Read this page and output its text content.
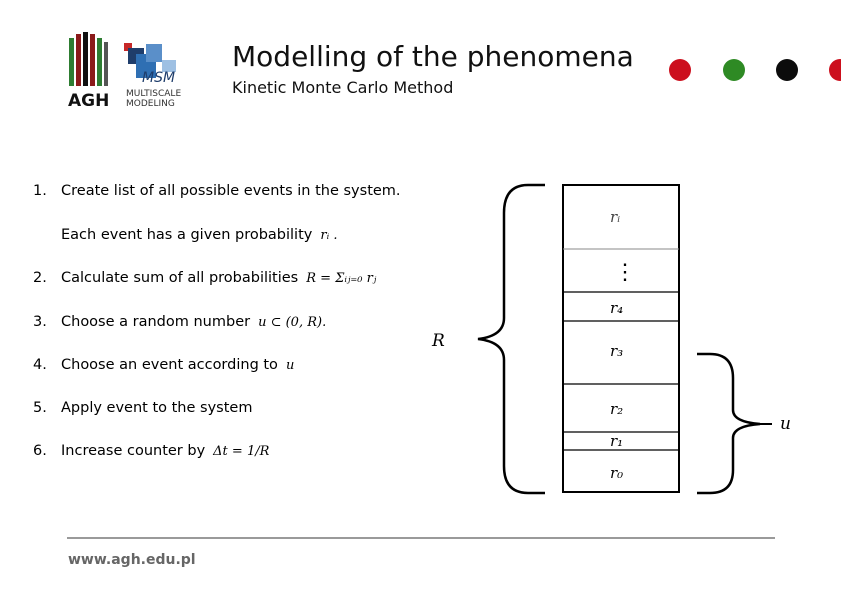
AGH
MSM
MULTISCALE
MODELING
Modelling of the phenomena
Kinetic Monte Carlo Method
1. Create list of all possible events in the system.
Each event has a given probability rᵢ .
2. Calculate sum of all probabilities R = Σᵢⱼ₌₀ rⱼ
3. Choose a random number u ⊂ (0, R).
4. Choose an event according to u
5. Apply event to the system
6. Increase counter by Δt = 1/R
R
rᵢ
⋮
r₄
r₃
r₂
r₁
r₀
u
www.agh.edu.pl
